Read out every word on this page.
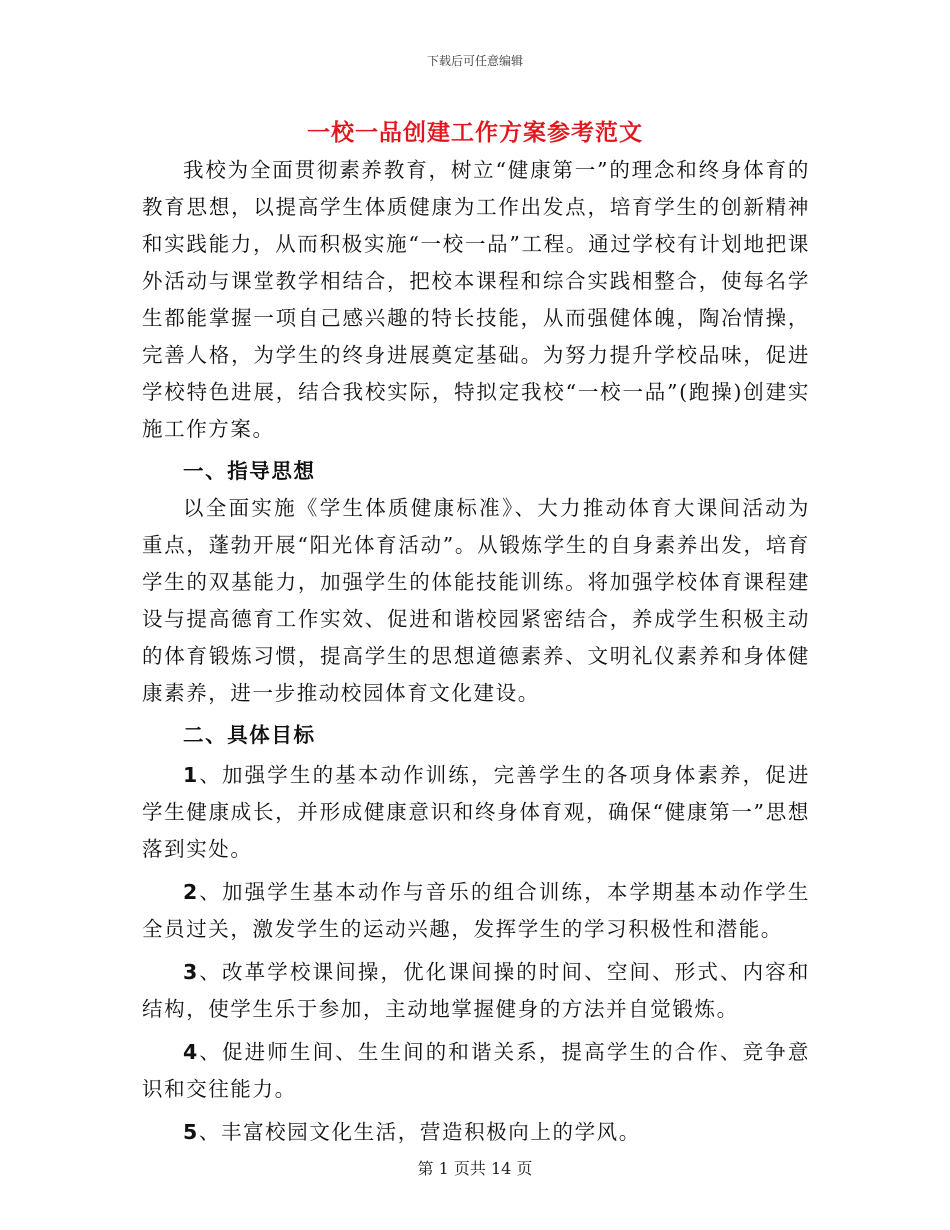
下载后可任意编辑
一校一品创建工作方案参考范文

我校为全面贯彻素养教育，树立“健康第一”的理念和终身体育的教育思想，以提高学生体质健康为工作出发点，培育学生的创新精神和实践能力，从而积极实施“一校一品”工程。通过学校有计划地把课外活动与课堂教学相结合，把校本课程和综合实践相整合，使每名学生都能掌握一项自己感兴趣的特长技能，从而强健体魄，陶冶情操，完善人格，为学生的终身进展奠定基础。为努力提升学校品味，促进学校特色进展，结合我校实际，特拟定我校“一校一品”(跑操)创建实施工作方案。

一、指导思想

以全面实施《学生体质健康标准》、大力推动体育大课间活动为重点，蓬勃开展“阳光体育活动”。从锻炼学生的自身素养出发，培育学生的双基能力，加强学生的体能技能训练。将加强学校体育课程建设与提高德育工作实效、促进和谐校园紧密结合，养成学生积极主动的体育锻炼习惯，提高学生的思想道德素养、文明礼仪素养和身体健康素养，进一步推动校园体育文化建设。

二、具体目标

1、加强学生的基本动作训练，完善学生的各项身体素养，促进学生健康成长，并形成健康意识和终身体育观，确保“健康第一”思想落到实处。

2、加强学生基本动作与音乐的组合训练，本学期基本动作学生全员过关，激发学生的运动兴趣，发挥学生的学习积极性和潜能。

3、改革学校课间操，优化课间操的时间、空间、形式、内容和结构，使学生乐于参加，主动地掌握健身的方法并自觉锻炼。

4、促进师生间、生生间的和谐关系，提高学生的合作、竞争意识和交往能力。

5、丰富校园文化生活，营造积极向上的学风。

第 1 页共 14 页
